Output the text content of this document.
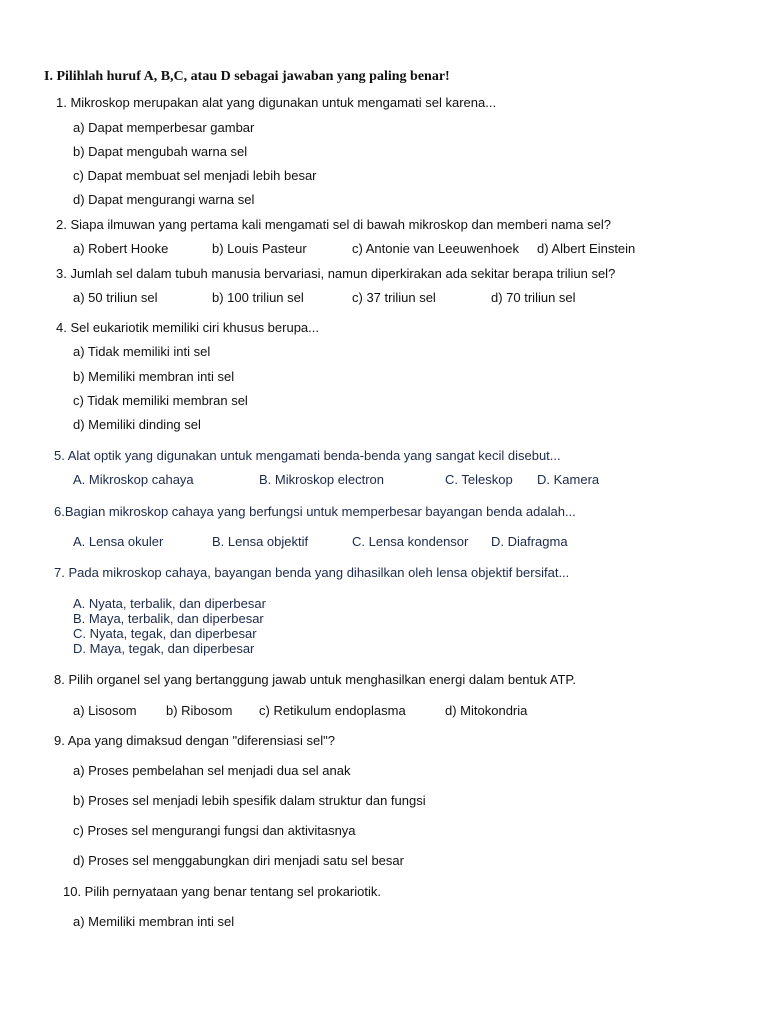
I. Pilihlah huruf A, B,C, atau D sebagai jawaban yang paling benar!
1. Mikroskop merupakan alat yang digunakan untuk mengamati sel karena...
a) Dapat memperbesar gambar
b) Dapat mengubah warna sel
c) Dapat membuat sel menjadi lebih besar
d) Dapat mengurangi warna sel
2. Siapa ilmuwan yang pertama kali mengamati sel di bawah mikroskop dan memberi nama sel?
a) Robert Hooke	b) Louis Pasteur	c) Antonie van Leeuwenhoek d) Albert Einstein
3. Jumlah sel dalam tubuh manusia bervariasi, namun diperkirakan ada sekitar berapa triliun sel?
a) 50 triliun sel	b) 100 triliun sel	c) 37 triliun sel	d) 70 triliun sel
4. Sel eukariotik memiliki ciri khusus berupa...
a) Tidak memiliki inti sel
b) Memiliki membran inti sel
c) Tidak memiliki membran sel
d) Memiliki dinding sel
5. Alat optik yang digunakan untuk mengamati benda-benda yang sangat kecil disebut...
A. Mikroskop cahaya	B. Mikroskop electron	C. Teleskop D. Kamera
6.Bagian mikroskop cahaya yang berfungsi untuk memperbesar bayangan benda adalah...
A. Lensa okuler	B. Lensa objektif	C. Lensa kondensor D. Diafragma
7. Pada mikroskop cahaya, bayangan benda yang dihasilkan oleh lensa objektif bersifat...
A. Nyata, terbalik, dan diperbesar
B. Maya, terbalik, dan diperbesar
C. Nyata, tegak, dan diperbesar
D. Maya, tegak, dan diperbesar
8. Pilih organel sel yang bertanggung jawab untuk menghasilkan energi dalam bentuk ATP.
a) Lisosom b) Ribosom c) Retikulum endoplasma	d) Mitokondria
9. Apa yang dimaksud dengan "diferensiasi sel"?
a) Proses pembelahan sel menjadi dua sel anak
b) Proses sel menjadi lebih spesifik dalam struktur dan fungsi
c) Proses sel mengurangi fungsi dan aktivitasnya
d) Proses sel menggabungkan diri menjadi satu sel besar
10. Pilih pernyataan yang benar tentang sel prokariotik.
a) Memiliki membran inti sel
